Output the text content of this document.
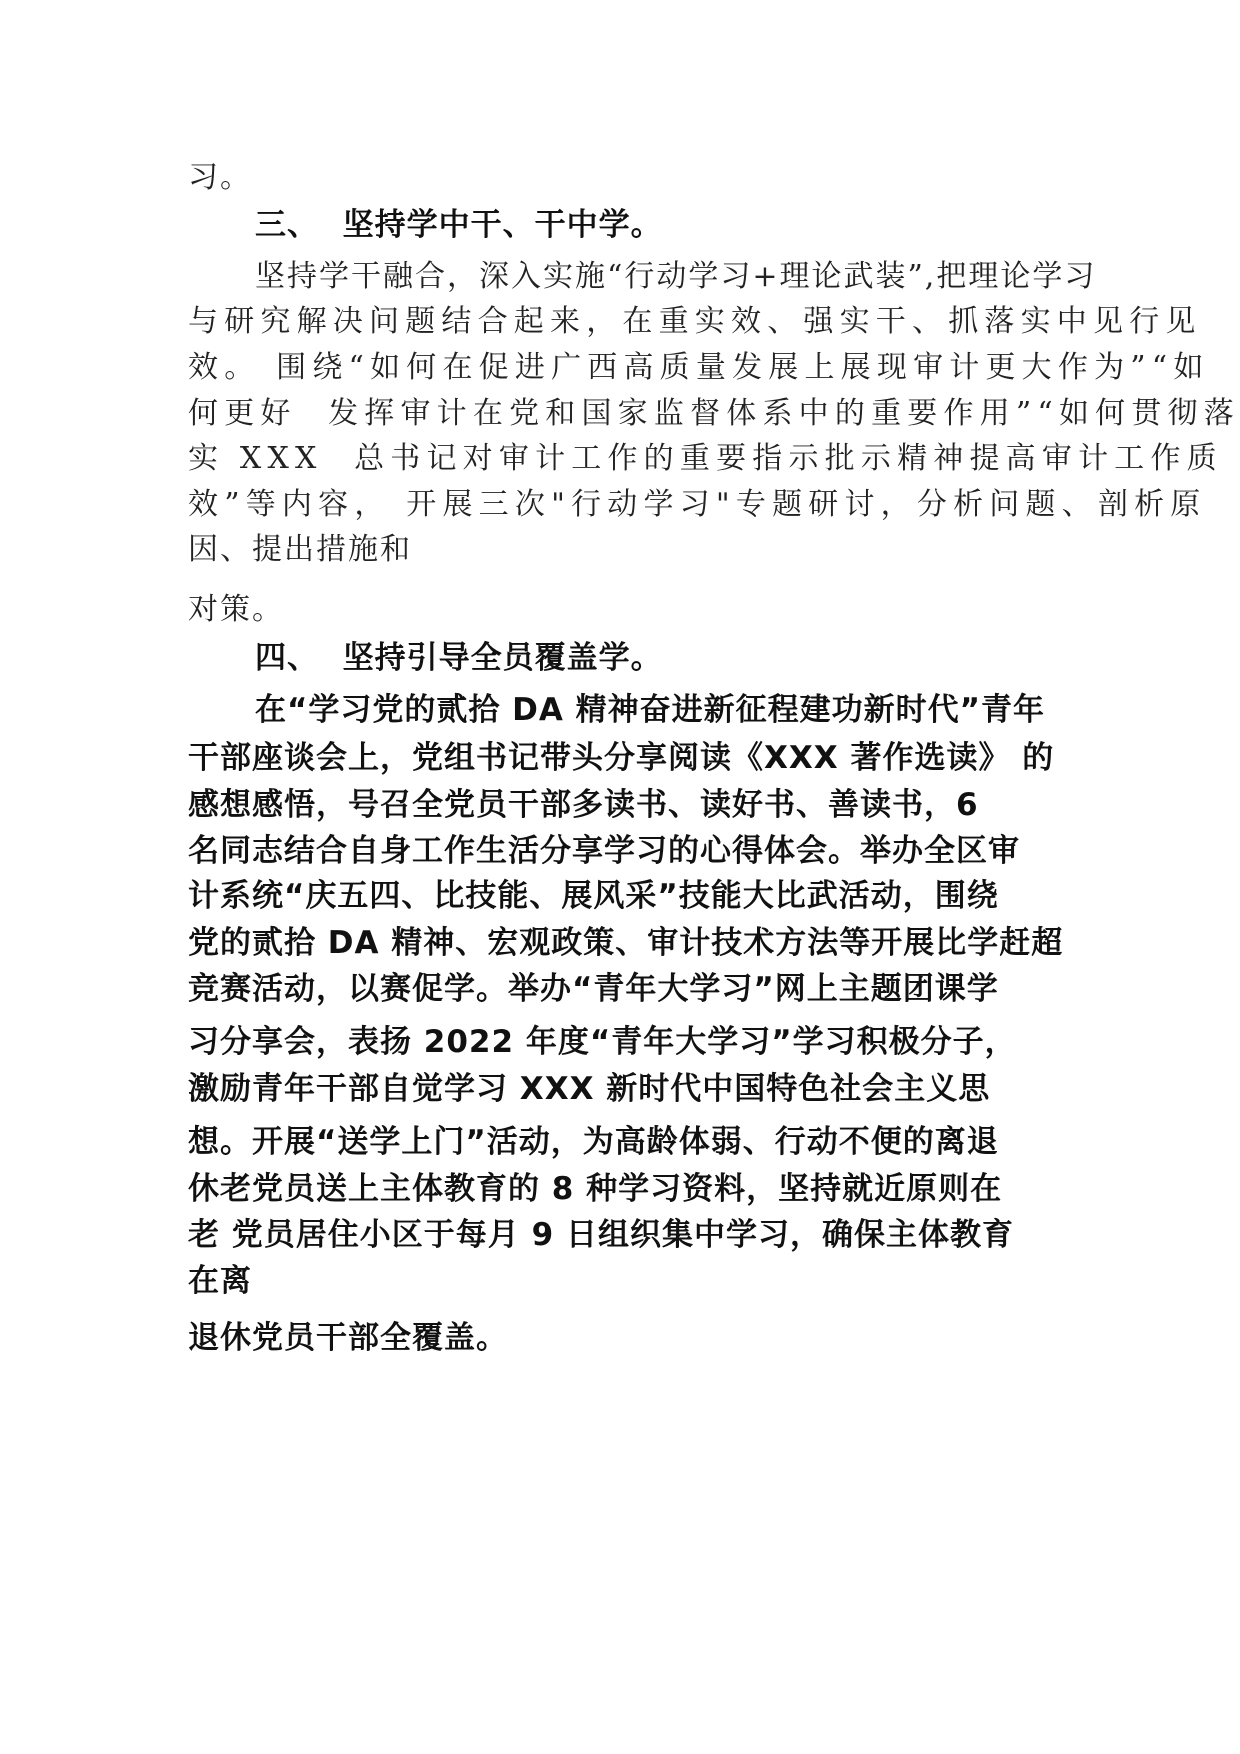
习。

三、  坚持学中干、干中学。

坚持学干融合，深入实施“行动学习+理论武装”,把理论学习

与研究解决问题结合起来，在重实效、强实干、抓落实中见行见

效。 围绕“如何在促进广西高质量发展上展现审计更大作为”“如

何更好  发挥审计在党和国家监督体系中的重要作用”“如何贯彻落

实 XXX  总书记对审计工作的重要指示批示精神提高审计工作质

效”等内容， 开展三次"行动学习"专题研讨，分析问题、剖析原

因、提出措施和

对策。

四、  坚持引导全员覆盖学。

在“学习党的贰拾 DA 精神奋进新征程建功新时代”青年

干部座谈会上，党组书记带头分享阅读《XXX 著作选读》 的

感想感悟，号召全党员干部多读书、读好书、善读书，6

名同志结合自身工作生活分享学习的心得体会。举办全区审

计系统“庆五四、比技能、展风采”技能大比武活动，围绕

党的贰拾 DA 精神、宏观政策、审计技术方法等开展比学赶超

竞赛活动，以赛促学。举办“青年大学习”网上主题团课学

习分享会，表扬 2022 年度“青年大学习”学习积极分子，

激励青年干部自觉学习 XXX 新时代中国特色社会主义思

想。开展“送学上门”活动，为高龄体弱、行动不便的离退

休老党员送上主体教育的 8 种学习资料，坚持就近原则在

老 党员居住小区于每月 9 日组织集中学习，确保主体教育

在离

退休党员干部全覆盖。
